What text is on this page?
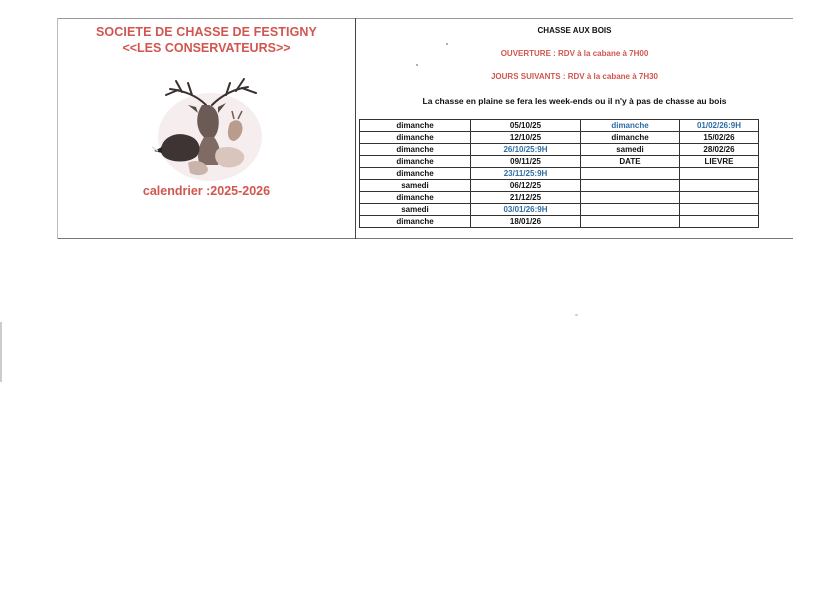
SOCIETE DE CHASSE DE FESTIGNY
<<LES CONSERVATEURS>>
calendrier :2025-2026
CHASSE AUX BOIS
OUVERTURE : RDV à la cabane à 7H00
JOURS SUIVANTS : RDV à la cabane à 7H30
La chasse en plaine se fera les week-ends ou il n'y à pas de chasse au bois
dimanche	05/10/25	dimanche	01/02/26:9H
dimanche	12/10/25	dimanche	15/02/26
dimanche	26/10/25:9H	samedi	28/02/26
dimanche	09/11/25	DATE	LIEVRE
dimanche	23/11/25:9H		
samedi	06/12/25		
dimanche	21/12/25		
samedi	03/01/26:9H		
dimanche	18/01/26		
